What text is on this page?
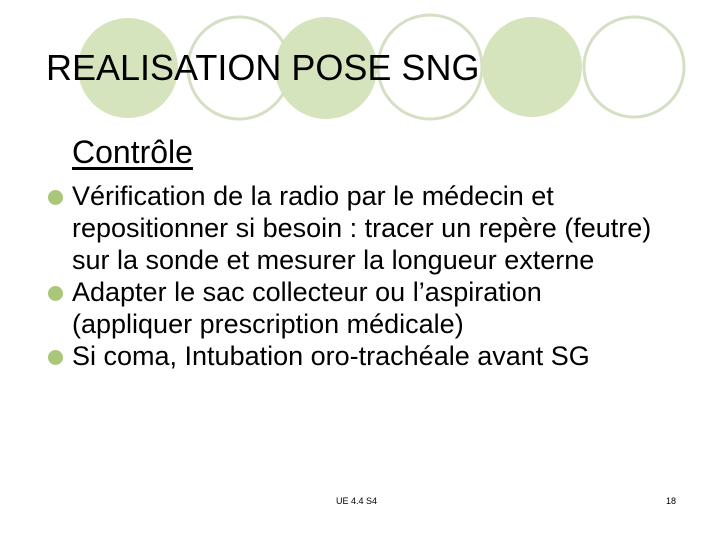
REALISATION POSE SNG
Contrôle
Vérification de la radio par le médecin et repositionner si besoin : tracer un repère (feutre) sur la sonde et mesurer la longueur externe
Adapter le sac collecteur ou l’aspiration (appliquer prescription médicale)
Si coma, Intubation oro-trachéale avant SG
UE 4.4 S4	18
